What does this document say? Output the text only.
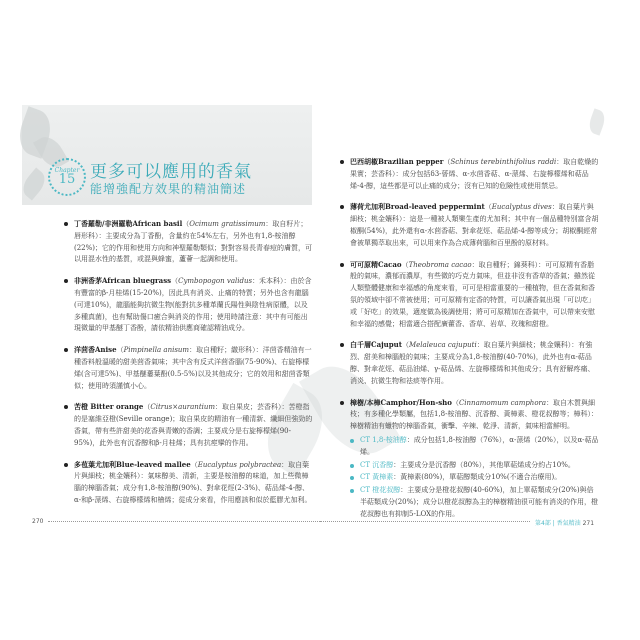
Chapter
15 更多可以應用的香氣
能增強配方效果的精油簡述
丁香羅勒/非洲羅勒African basil（Ocimum gratissimum：取自籽片；唇形科）：主要成分為丁香酚，含量約在54%左右，另外也有1,8-桉油醇(22%)；它的作用和使用方向和神聖羅勒類似；對對容易長青春痘的膚質，可以用混水性的基質，或混與蜂蜜，蘆薈一起調和使用。
非洲香茅African bluegrass（Cymbopogon validus：禾本科）：由於含有豐富的β-月桂烯(15-20%)，因此具有消炎、止痛的特質；另外也含有龍腦(可達10%)，龍腦能夠抗微生物(能對抗多種革蘭氏陽性與陰性病原體，以及多種真菌)，也有幫助傷口癒合與消炎的作用；使用時請注意：其中有可能出現微量的甲基醚丁香酚，請依精油供應商確認精油成分。
洋茴香Anise（Pimpinella anisum：取自種籽；繖形科）：洋茴香精油有一種香料般溫暖的甜美茴香氣味；其中含有反式洋茴香腦(75-90%)、右旋檸檬烯(含可達5%)、甲基醚蔞葉酚(0.5-5%)以及其他成分；它的效用和甜茴香類似；使用時須謹慎小心。
苦橙 Bitter orange（Citrus×aurantium：取自果皮；芸香科）：苦橙指的是塞維亞橙(Seville orange)；取自果皮的精油有一種清新、纖細但強勁的香氣，帶有些許甜美的花香與青嫩的香調；主要成分是右旋檸檬烯(90-95%)，此外也有沉香醇和β-月桂烯；具有抗痙攣的作用。
多苞葉尤加利Blue-leaved mallee（Eucalyptus polybractea：取自葉片與細枝；桃金孃科）：氣味醇美、清新，主要是桉油醇的味道，加上些微樟腦的樟腦香氣；成分有1,8-桉油醇(90%)、對傘花烴(2-3%)、萜品烯-4-醇、α-和β-蒎烯、右旋檸檬烯和檜烯；從成分來看，作用應該和似於藍膠尤加利。
270
巴西胡椒Brazilian pepper（Schinus terebinthifolius raddi：取自乾燥的果實；芸香科）：成分包括δ3-蒈烯、α-水茴香萜、α-蒎烯、右旋檸檬烯和萜品烯-4-醇，這些都是可以止痛的成分；沒有已知的危險性或使用禁忌。
薄荷尤加利Broad-leaved peppermint（Eucalyptus dives：取自葉片與細枝；桃金孃科）：這是一種被人類樂生產的尤加利；其中有一個品種特別富含胡椒酮(54%)，此外還有α-水茴香萜、對傘花烴、萜品烯-4-醇等成分；胡椒酮經常會被單獨萃取出來，可以用來作為合成薄荷腦和百里酚的原材料。
可可原精Cacao（Theobroma cacao：取自種籽；錦葵科）：可可原精有香脂般的氣味，濃郁而濃厚，有些微的巧克力氣味，但並非沒有香草的香氣；雖然從人類整體健康和幸福感的角度來看，可可是相當重要的一種植物，但在香氣和香氛的領域中卻不常被使用；可可原精有定香的特質，可以讓香氣出現「可以吃」或「好吃」的效果，適度做為後調使用；將可可原精加在香氣中，可以帶來安慰和幸福的感覺；相當適合搭配廣藿香、香草、岩草、玫瑰和甜橙。
白千層Cajuput（Melaleuca cajuputi：取自葉片與細枝；桃金孃科）：有強烈、甜美和樟腦般的氣味；主要成分為1,8-桉油醇(40-70%)，此外也有α-萜品醇、對傘花烴、萜品油烯、γ-萜品烯、左旋檸檬烯和其他成分；具有舒解疼痛、消炎、抗微生物和祛痰等作用。
樟樹/本樟Camphor/Hon-sho（Cinnamomum camphora：取自木質與細枝；有多種化學類屬，包括1,8-桉油醇、沉香醇、黃樟素、橙花叔醇等；樟科）：樟樹精油有蠟物的樟腦香氣，衝擊、辛辣、乾淨、清新，氣味相當鮮明。
CT 1,8-桉油醇：成分包括1,8-桉油醇（76%），α-蒎烯（20%），以及α-萜品烯。
CT 沉香醇：主要成分是沉香醇（80%），其他單萜烯成分約占10%。
CT 黃樟素：黃樟素(80%)，單萜醇類成分10%(不適合治療用)。
CT 橙花叔醇：主要成分是橙花叔醇(40-60%)，加上單萜類成分(20%)與倍半萜類成分(20%)；成分以橙花叔醇為主的樟樹精油很可能有消炎的作用，橙花叔醇也有抑制5-LOX的作用。
第4部 | 香氣精油 271
